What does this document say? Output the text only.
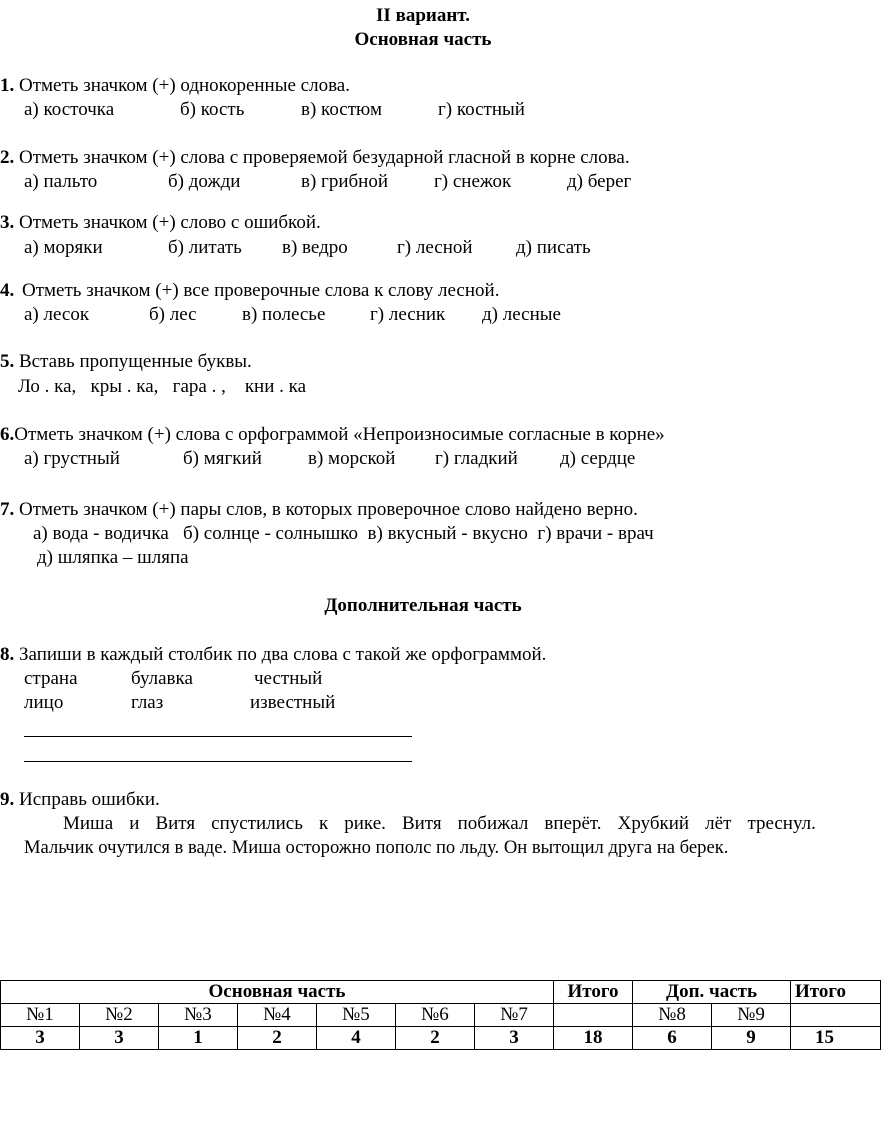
II вариант.
Основная часть
1. Отметь значком (+) однокоренные слова.
а) косточка	б) кость	в) костюм	г) костный
2. Отметь значком (+) слова с проверяемой безударной гласной в корне слова.
а) пальто	б) дожди	в) грибной г) снежок	д) берег
3. Отметь значком (+) слово с ошибкой.
а) моряки	б) литать в) ведро	г) лесной д) писать
4. Отметь значком (+) все проверочные слова к слову лесной.
а) лесок	б) лес в) полесье г) лесник д) лесные
5. Вставь пропущенные буквы.
Ло . ка,   кры . ка,   гара . ,    кни . ка
6.Отметь значком (+) слова с орфограммой «Непроизносимые согласные в корне»
а) грустный	б) мягкий в) морской г) гладкий д) сердце
7. Отметь значком (+) пары слов, в которых проверочное слово найдено верно.
а) вода - водичка   б) солнце - солнышко  в) вкусный - вкусно  г) врачи - врач
д) шляпка – шляпа
Дополнительная часть
8. Запиши в каждый столбик по два слова с такой же орфограммой.
страна	булавка	честный
лицо	глаз	известный
9. Исправь ошибки.
Миша и Витя спустились к рике. Витя побижал вперёт. Хрубкий лёт треснул.
Мальчик очутился в ваде. Миша осторожно пополс по льду. Он вытощил друга на берек.
Основная часть							Итого	Доп. часть		Итого
№1	№2	№3	№4	№5	№6	№7		№8	№9	
3	3	1	2	4	2	3	18	6	9	15
